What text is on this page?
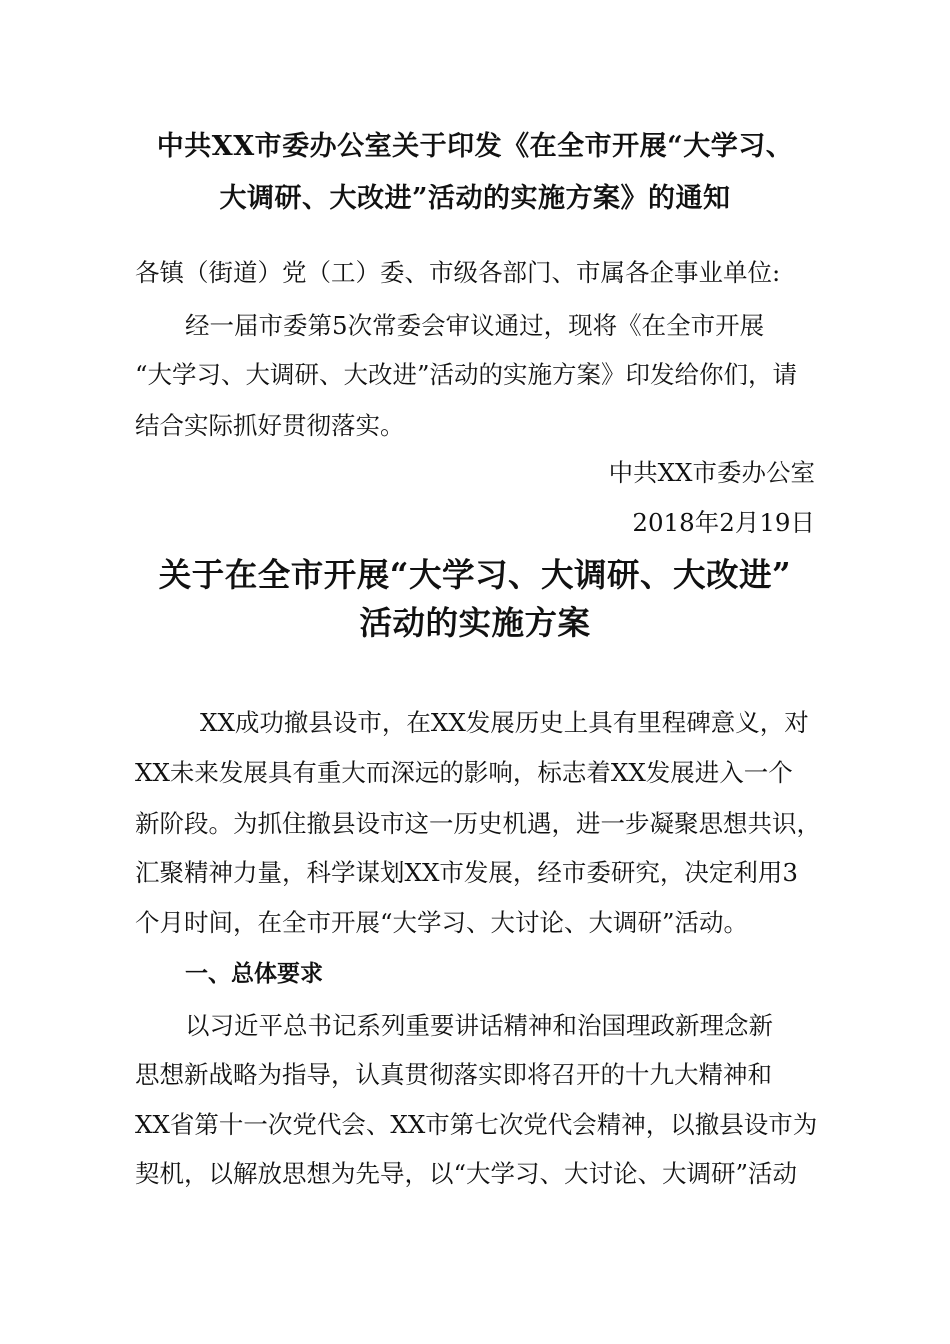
中共XX市委办公室关于印发《在全市开展“大学习、
大调研、大改进”活动的实施方案》的通知
各镇（街道）党（工）委、市级各部门、市属各企事业单位:
经一届市委第5次常委会审议通过，现将《在全市开展
“大学习、大调研、大改进”活动的实施方案》印发给你们，请
结合实际抓好贯彻落实。
中共XX市委办公室
2018年2月19日
关于在全市开展“大学习、大调研、大改进”
活动的实施方案
XX成功撤县设市，在XX发展历史上具有里程碑意义，对
XX未来发展具有重大而深远的影响，标志着XX发展进入一个
新阶段。为抓住撤县设市这一历史机遇，进一步凝聚思想共识，
汇聚精神力量，科学谋划XX市发展，经市委研究，决定利用3
个月时间，在全市开展“大学习、大讨论、大调研”活动。
一、总体要求
以习近平总书记系列重要讲话精神和治国理政新理念新
思想新战略为指导，认真贯彻落实即将召开的十九大精神和
XX省第十一次党代会、XX市第七次党代会精神，以撤县设市为
契机，以解放思想为先导，以“大学习、大讨论、大调研”活动
